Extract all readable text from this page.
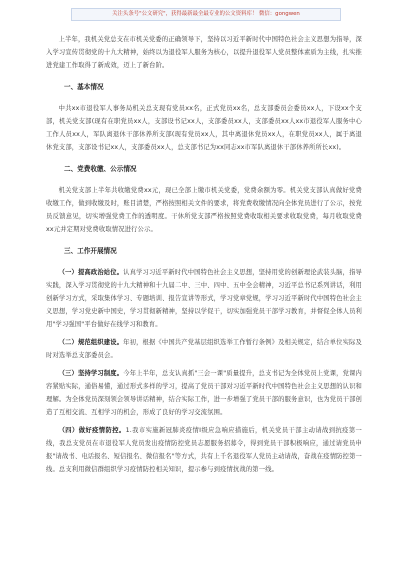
关注头条号"公文研究"，获得最新最全最专业的公文资料库！ 微信：gongwen

上半年，我机关党总支在市机关党委的正确领导下，坚持以习近平新时代中国特色社会主义思想为指导，深入学习宣传贯彻党的十九大精神，始终以为退役军人服务为核心，以提升退役军人党员整体素质为主线，扎实推进党建工作取得了新成效，迈上了新台阶。

一、基本情况

中共xx市退役军人事务局机关总支现有党员xx名，正式党员xx名，总支部委员会委员xx人，下设xx个支部，机关党支部(现有在职党员xx人，支部设书记xx人，支部委员xx人，支部委员xx人xx市退役军人服务中心工作人员xx人，军队离退休干部休养所支部(现有党员xx人，其中离退休党员xx人，在职党员xx人，属于离退休党支部，支部设书记xx人，支部委员xx人，总支部书记为xx同志xx市军队离退休干部休养所所长xx)。

二、党费收缴、公示情况

机关党支部上半年共收缴党费xx元，现已全部上缴市机关党委，党费余额为零。机关党支部认真做好党费收缴工作，做到收缴及时，账目清楚，严格按照相关文件的要求，将党费收缴情况向全体党员进行了公示，按党员反馈意见，切实增强党费工作的透明度。干休所党支部严格按照党费收取相关要求收取党费，每月收取党费xx元并定期对党费收取情况进行公示。

三、工作开展情况

（一）提高政治站位。认真学习习近平新时代中国特色社会主义思想，坚持用党的创新理论武装头脑，指导实践，深入学习贯彻党的十九大精神和十九届二中、三中、四中、五中全会精神，习近平总书记系列讲话，利用创新学习方式，采取集体学习、专题培训、报告宣讲等形式，学习党章党规，学习习近平新时代中国特色社会主义思想，学习党史新中国史，学习贯彻新精神，坚持以学促干，切实加强党员干部学习教育，并督促全体人员利用"学习强国"平台做好在线学习和教育。

（二）规范组织建设。年初，根据《中国共产党基层组织选举工作暂行条例》及相关规定，结合单位实际及时对选举总支部委员会。

（三）坚持学习制度。今年上半年，总支认真抓"三会一课"质量提升，总支书记为全体党员上党课，党课内容紧贴实际，通俗易懂，通过形式多样的学习，提高了党员干部对习近平新时代中国特色社会主义思想的认识和理解。为全体党员深刻领会领导讲话精神，结合实际工作，进一步增强了党员干部的服务意识，也为党员干部创造了互相交流、互相学习的机会，形成了良好的学习交流氛围。

（四）做好疫情防控。1.我市实施新冠肺炎疫情Ⅰ级应急响应措施后，机关党员干部主动请战到抗疫第一线，我总支党员在市退役军人党员发出疫情防控党员志愿服务招募令，得到党员干部积极响应，通过请党员申报"请战书、电话报名、短信报名、微信报名"等方式，共有上千名退役军人党员主动请战，奋战在疫情防控第一线。总支利用微信群组织学习疫情防控相关知识，提示参与到疫情抗战的第一线。
